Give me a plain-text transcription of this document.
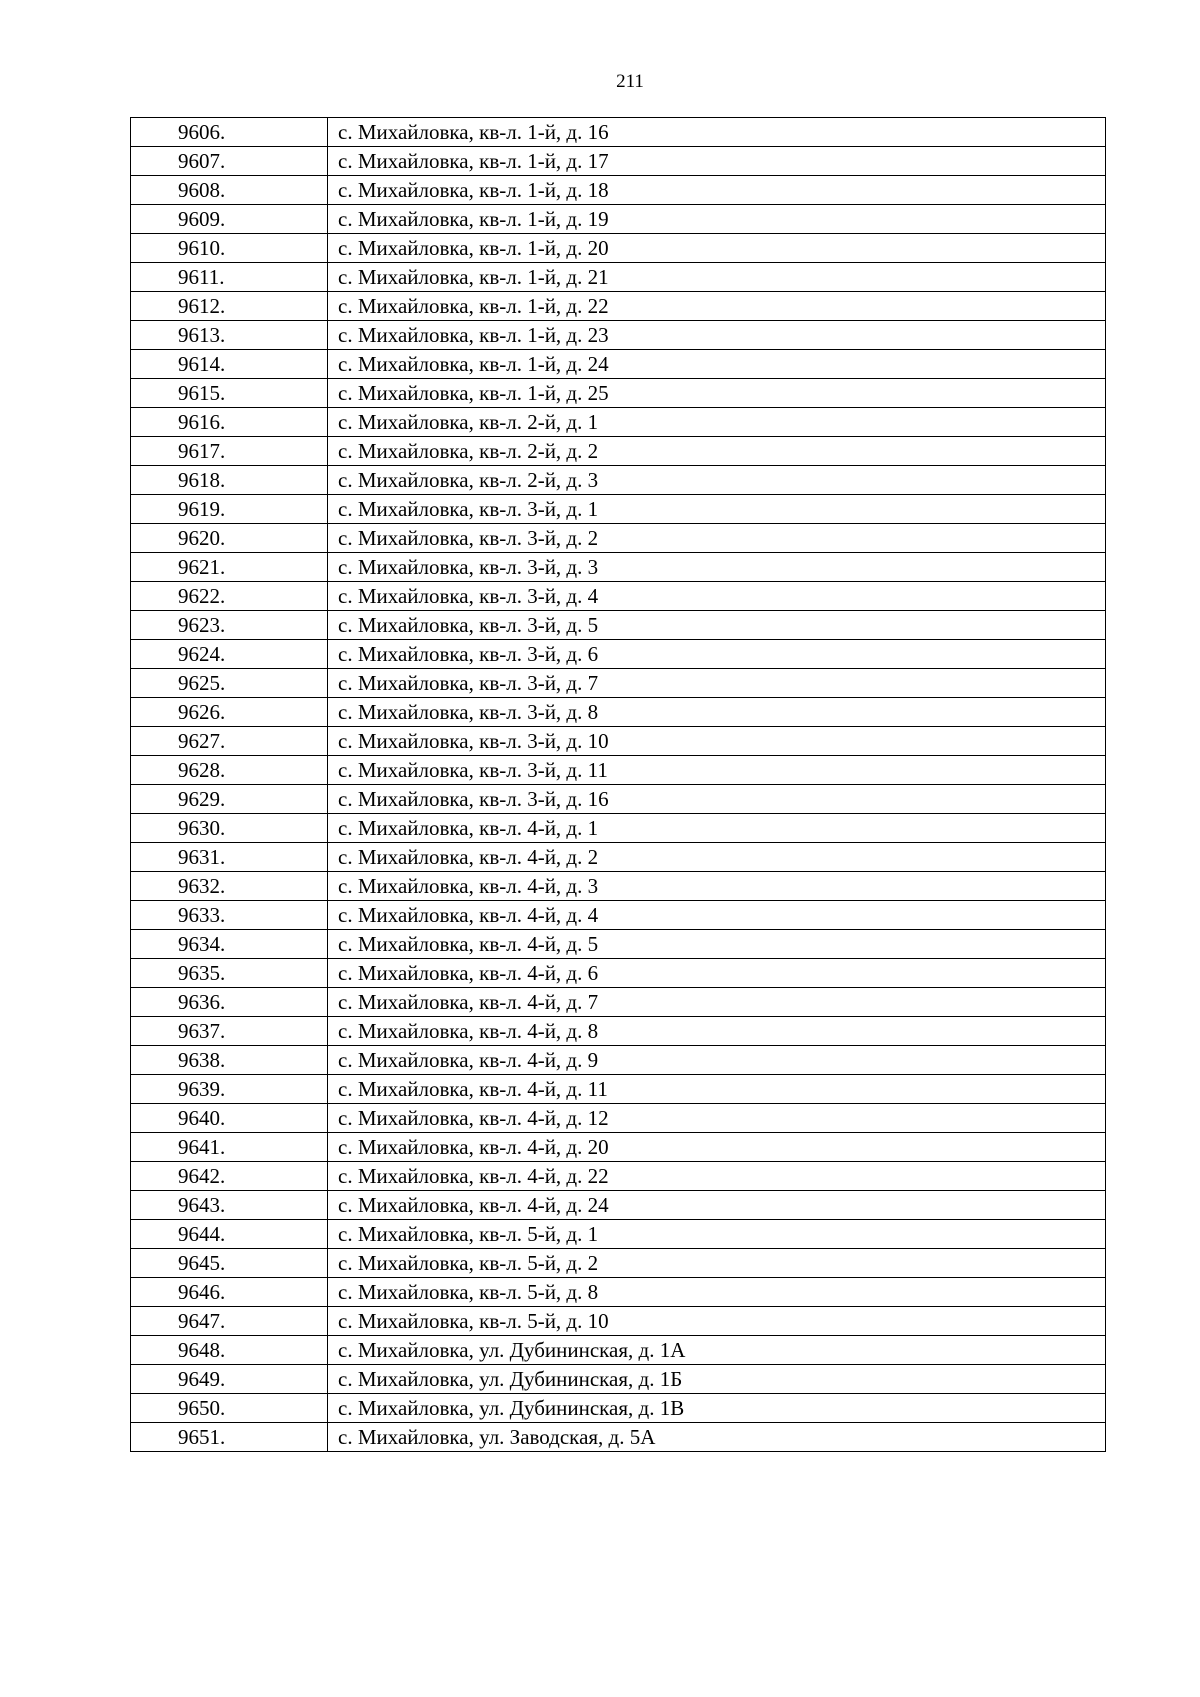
211
9606.	с. Михайловка, кв-л. 1-й, д. 16
9607.	с. Михайловка, кв-л. 1-й, д. 17
9608.	с. Михайловка, кв-л. 1-й, д. 18
9609.	с. Михайловка, кв-л. 1-й, д. 19
9610.	с. Михайловка, кв-л. 1-й, д. 20
9611.	с. Михайловка, кв-л. 1-й, д. 21
9612.	с. Михайловка, кв-л. 1-й, д. 22
9613.	с. Михайловка, кв-л. 1-й, д. 23
9614.	с. Михайловка, кв-л. 1-й, д. 24
9615.	с. Михайловка, кв-л. 1-й, д. 25
9616.	с. Михайловка, кв-л. 2-й, д. 1
9617.	с. Михайловка, кв-л. 2-й, д. 2
9618.	с. Михайловка, кв-л. 2-й, д. 3
9619.	с. Михайловка, кв-л. 3-й, д. 1
9620.	с. Михайловка, кв-л. 3-й, д. 2
9621.	с. Михайловка, кв-л. 3-й, д. 3
9622.	с. Михайловка, кв-л. 3-й, д. 4
9623.	с. Михайловка, кв-л. 3-й, д. 5
9624.	с. Михайловка, кв-л. 3-й, д. 6
9625.	с. Михайловка, кв-л. 3-й, д. 7
9626.	с. Михайловка, кв-л. 3-й, д. 8
9627.	с. Михайловка, кв-л. 3-й, д. 10
9628.	с. Михайловка, кв-л. 3-й, д. 11
9629.	с. Михайловка, кв-л. 3-й, д. 16
9630.	с. Михайловка, кв-л. 4-й, д. 1
9631.	с. Михайловка, кв-л. 4-й, д. 2
9632.	с. Михайловка, кв-л. 4-й, д. 3
9633.	с. Михайловка, кв-л. 4-й, д. 4
9634.	с. Михайловка, кв-л. 4-й, д. 5
9635.	с. Михайловка, кв-л. 4-й, д. 6
9636.	с. Михайловка, кв-л. 4-й, д. 7
9637.	с. Михайловка, кв-л. 4-й, д. 8
9638.	с. Михайловка, кв-л. 4-й, д. 9
9639.	с. Михайловка, кв-л. 4-й, д. 11
9640.	с. Михайловка, кв-л. 4-й, д. 12
9641.	с. Михайловка, кв-л. 4-й, д. 20
9642.	с. Михайловка, кв-л. 4-й, д. 22
9643.	с. Михайловка, кв-л. 4-й, д. 24
9644.	с. Михайловка, кв-л. 5-й, д. 1
9645.	с. Михайловка, кв-л. 5-й, д. 2
9646.	с. Михайловка, кв-л. 5-й, д. 8
9647.	с. Михайловка, кв-л. 5-й, д. 10
9648.	с. Михайловка, ул. Дубининская, д. 1А
9649.	с. Михайловка, ул. Дубининская, д. 1Б
9650.	с. Михайловка, ул. Дубининская, д. 1В
9651.	с. Михайловка, ул. Заводская, д. 5А
